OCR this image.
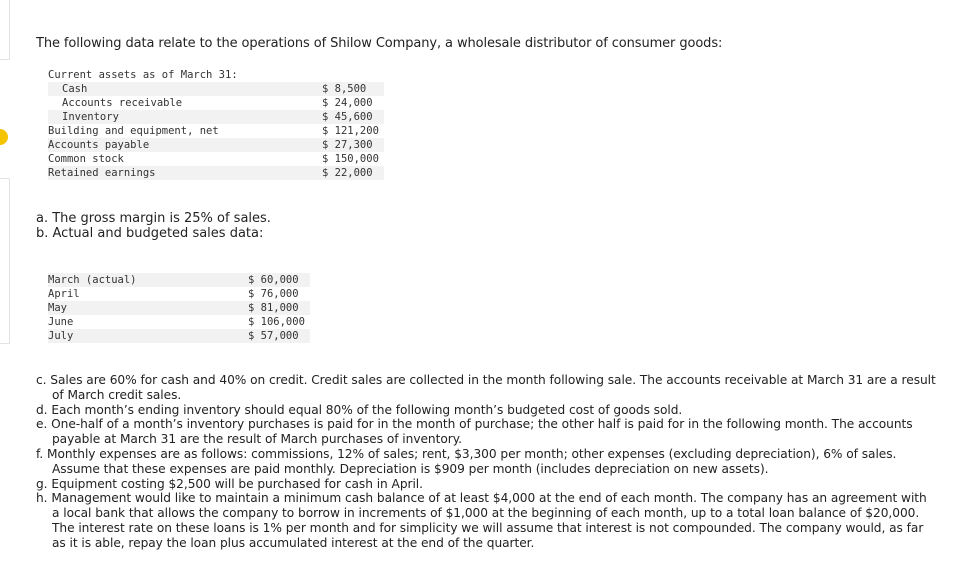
The following data relate to the operations of Shilow Company, a wholesale distributor of consumer goods:
Current assets as of March 31:
Cash	$ 8,500
Accounts receivable	$ 24,000
Inventory	$ 45,600
Building and equipment, net	$ 121,200
Accounts payable	$ 27,300
Common stock	$ 150,000
Retained earnings	$ 22,000
a. The gross margin is 25% of sales.
b. Actual and budgeted sales data:
March (actual)	$ 60,000
April	$ 76,000
May	$ 81,000
June	$ 106,000
July	$ 57,000
c. Sales are 60% for cash and 40% on credit. Credit sales are collected in the month following sale. The accounts receivable at March 31 are a result of March credit sales.
d. Each month’s ending inventory should equal 80% of the following month’s budgeted cost of goods sold.
e. One-half of a month’s inventory purchases is paid for in the month of purchase; the other half is paid for in the following month. The accounts payable at March 31 are the result of March purchases of inventory.
f. Monthly expenses are as follows: commissions, 12% of sales; rent, $3,300 per month; other expenses (excluding depreciation), 6% of sales. Assume that these expenses are paid monthly. Depreciation is $909 per month (includes depreciation on new assets).
g. Equipment costing $2,500 will be purchased for cash in April.
h. Management would like to maintain a minimum cash balance of at least $4,000 at the end of each month. The company has an agreement with a local bank that allows the company to borrow in increments of $1,000 at the beginning of each month, up to a total loan balance of $20,000. The interest rate on these loans is 1% per month and for simplicity we will assume that interest is not compounded. The company would, as far as it is able, repay the loan plus accumulated interest at the end of the quarter.
